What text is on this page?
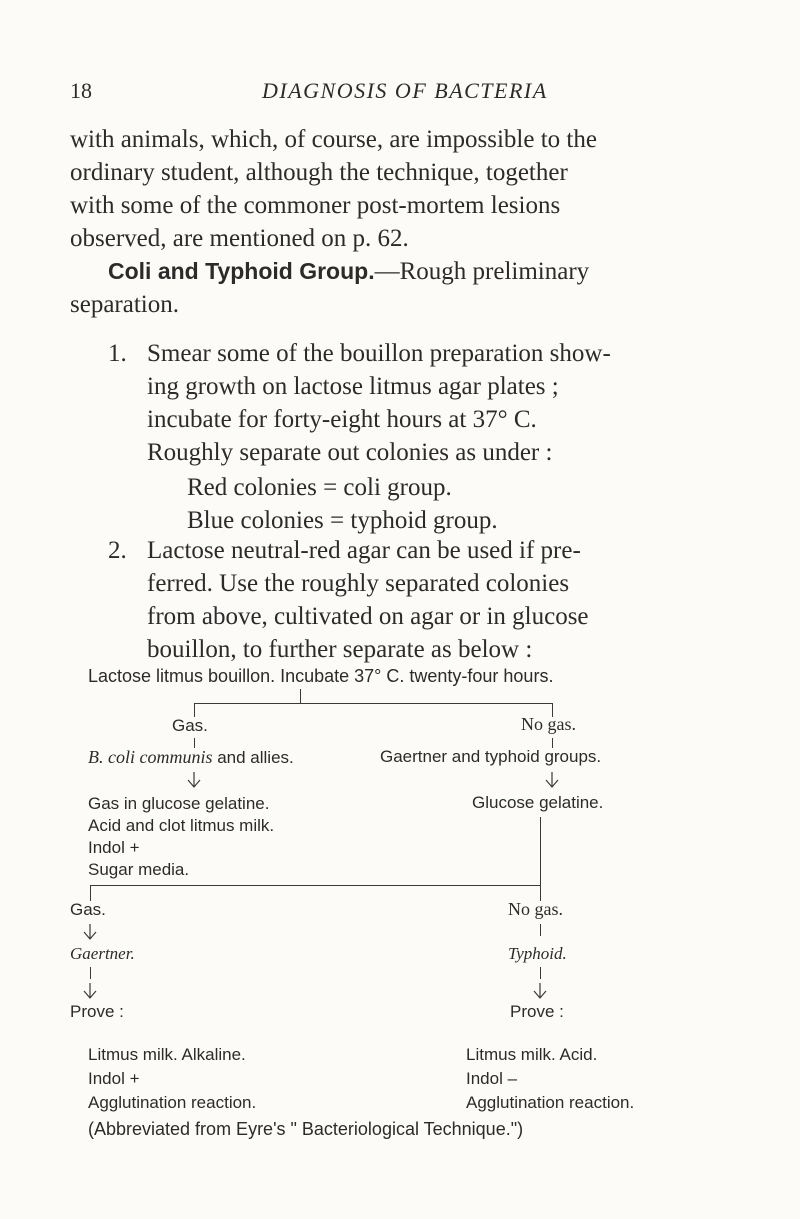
18	DIAGNOSIS OF BACTERIA
with animals, which, of course, are impossible to the
ordinary student, although the technique, together
with some of the commoner post-mortem lesions
observed, are mentioned on p. 62.
Coli and Typhoid Group.—Rough preliminary
separation.
1. Smear some of the bouillon preparation show-
ing growth on lactose litmus agar plates ;
incubate for forty-eight hours at 37° C.
Roughly separate out colonies as under :
Red colonies = coli group.
Blue colonies = typhoid group.
2. Lactose neutral-red agar can be used if pre-
ferred. Use the roughly separated colonies
from above, cultivated on agar or in glucose
bouillon, to further separate as below :
Lactose litmus bouillon. Incubate 37° C. twenty-four hours.
Gas.	No gas.
B. coli communis and allies.	Gaertner and typhoid groups.
Gas in glucose gelatine.
Acid and clot litmus milk.
Indol +
Sugar media.
Glucose gelatine.
Gas.	No gas.
Gaertner.	Typhoid.
Prove :	Prove :
Litmus milk. Alkaline.
Indol +
Agglutination reaction.
Litmus milk. Acid.
Indol –
Agglutination reaction.
(Abbreviated from Eyre's " Bacteriological Technique.")
